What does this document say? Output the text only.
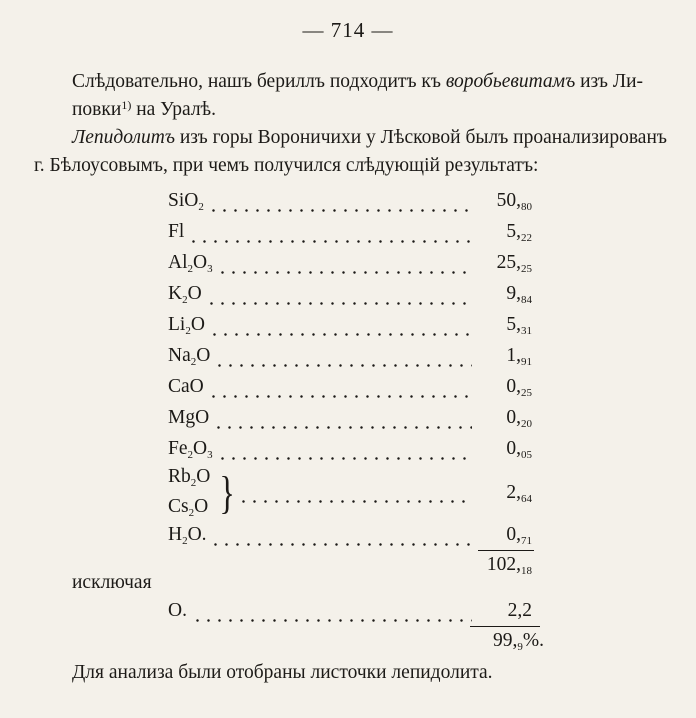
— 714 —
Слѣдовательно, нашъ бериллъ подходитъ къ воробьевитамъ изъ Ли-
повки$^{1)}$ на Уралѣ.
Лепидолитъ изъ горы Вороничихи у Лѣсковой былъ проанализированъ
г. Бѣлоусовымъ, при чемъ получился слѣдующій результатъ:
SiO$_2$	$50,_{80}$
Fl	$5,_{22}$
$Al_2O_3$	$25,_{25}$
$K_2O$	$9,_{84}$
$Li_2O$	$5,_{31}$
$Na_2O$	$1,_{91}$
CaO	$0,_{25}$
MgO	$0,_{20}$
$Fe_2O_3$	$0,_{05}$
$Rb_2O$
$Cs_2O$ }	$2,_{64}$
$H_2O$.	$0,_{71}$
$102,_{18}$
исключая
O.	2,2
$99,_9\%$.
Для анализа были отобраны листочки лепидолита.
